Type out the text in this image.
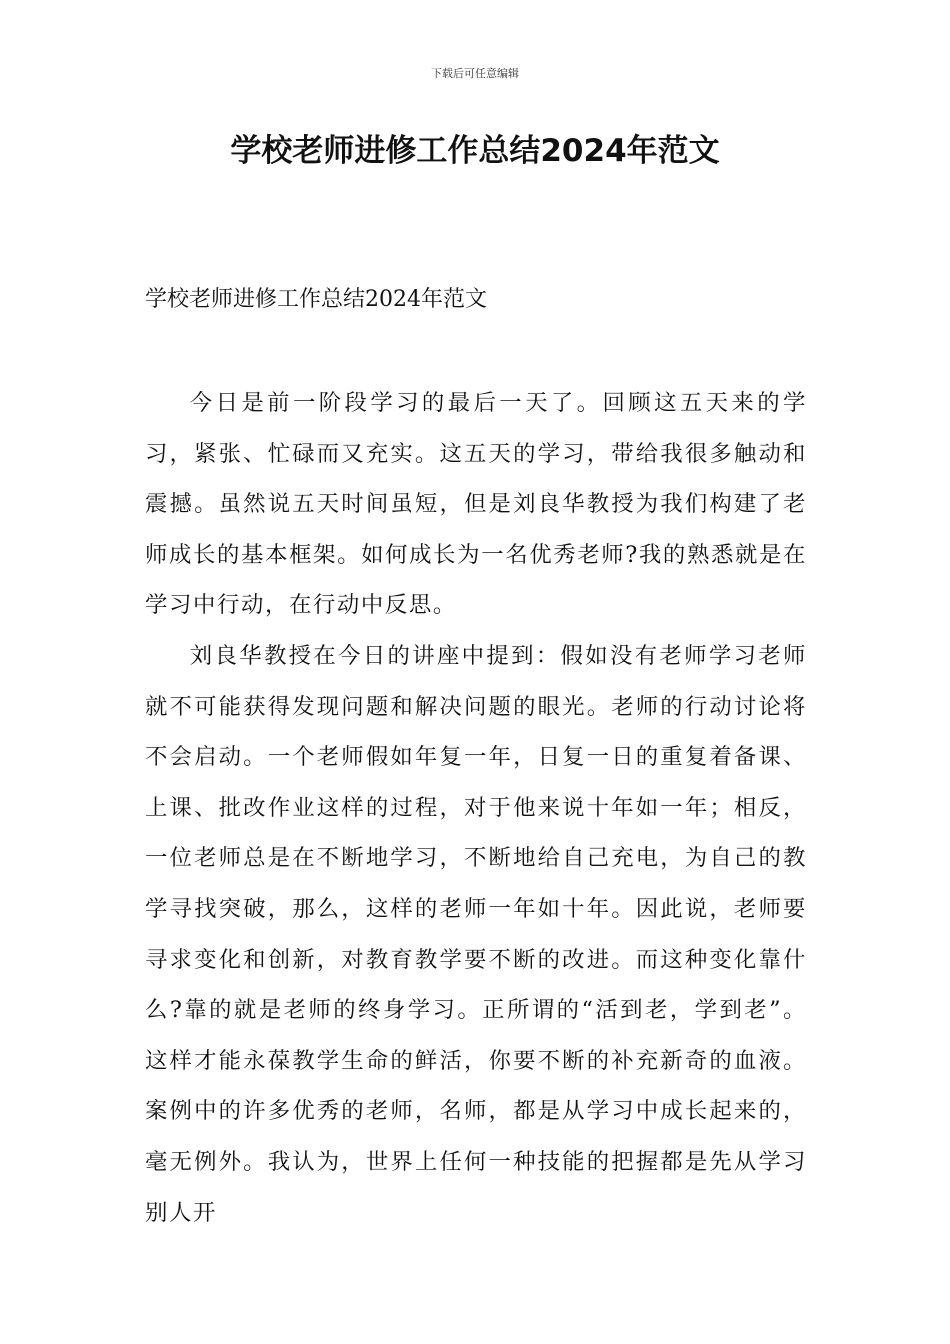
下载后可任意编辑
学校老师进修工作总结2024年范文
学校老师进修工作总结2024年范文

今日是前一阶段学习的最后一天了。回顾这五天来的学习，紧张、忙碌而又充实。这五天的学习，带给我很多触动和震撼。虽然说五天时间虽短，但是刘良华教授为我们构建了老师成长的基本框架。如何成长为一名优秀老师?我的熟悉就是在学习中行动，在行动中反思。

刘良华教授在今日的讲座中提到：假如没有老师学习老师就不可能获得发现问题和解决问题的眼光。老师的行动讨论将不会启动。一个老师假如年复一年，日复一日的重复着备课、上课、批改作业这样的过程，对于他来说十年如一年；相反，一位老师总是在不断地学习，不断地给自己充电，为自己的教学寻找突破，那么，这样的老师一年如十年。因此说，老师要寻求变化和创新，对教育教学要不断的改进。而这种变化靠什么?靠的就是老师的终身学习。正所谓的“活到老，学到老”。这样才能永葆教学生命的鲜活，你要不断的补充新奇的血液。案例中的许多优秀的老师，名师，都是从学习中成长起来的，毫无例外。我认为，世界上任何一种技能的把握都是先从学习别人开
